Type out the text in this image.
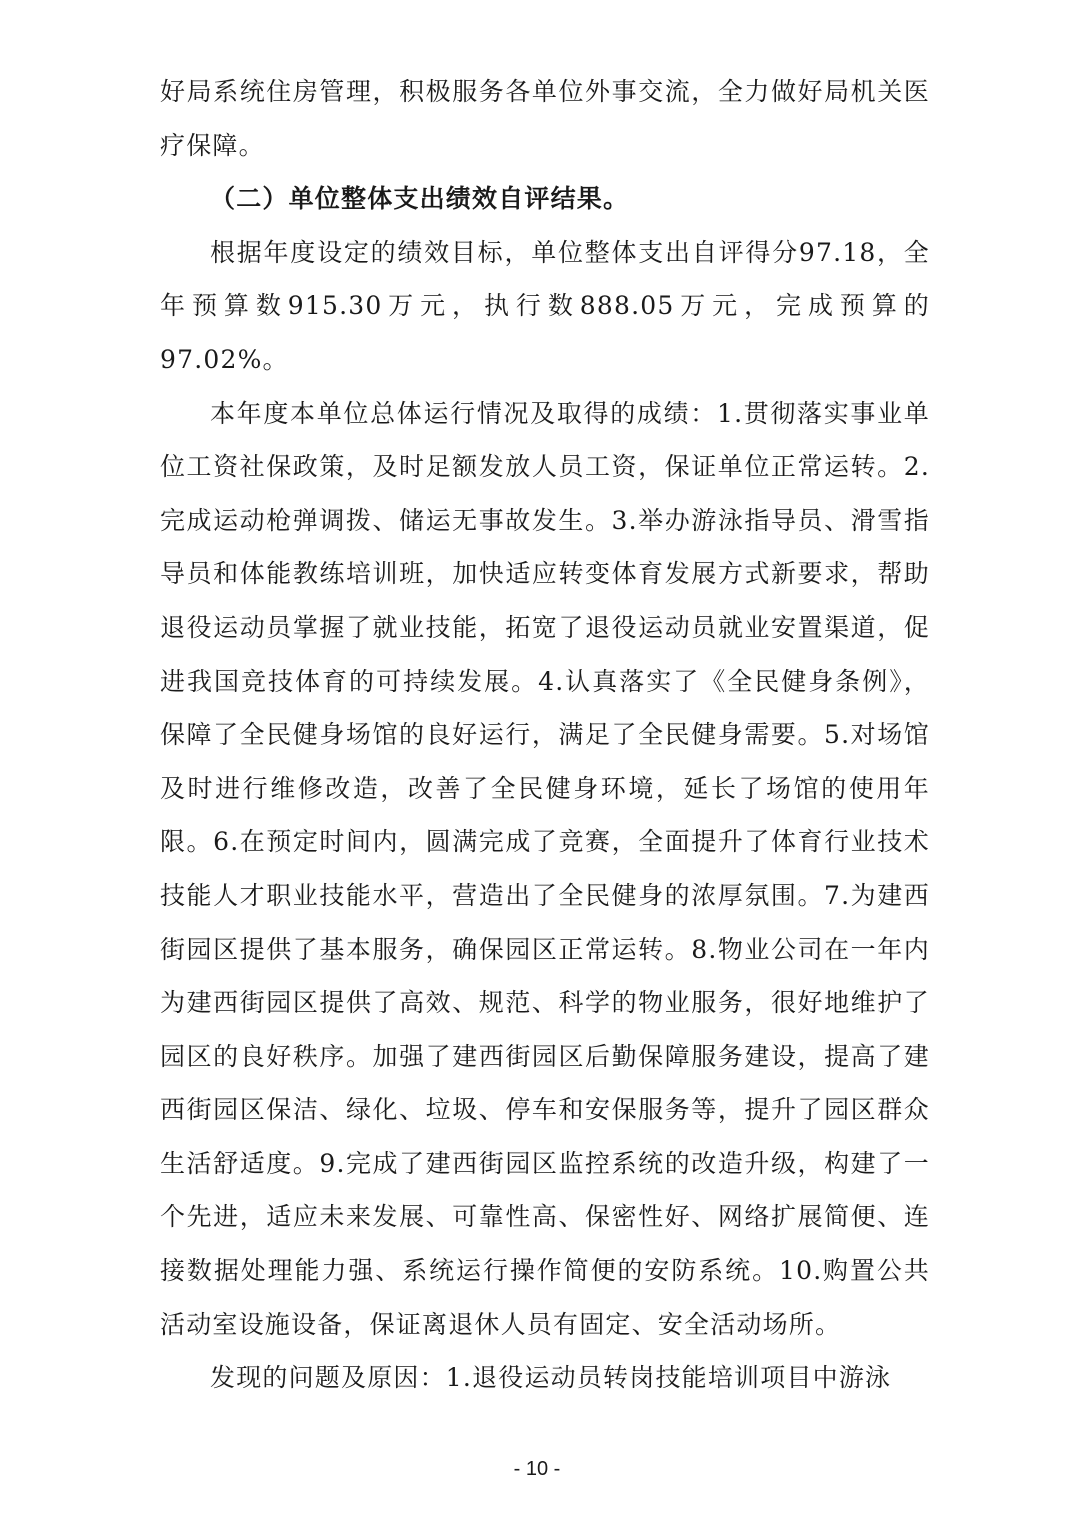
好局系统住房管理，积极服务各单位外事交流，全力做好局机关医疗保障。

（二）单位整体支出绩效自评结果。

根据年度设定的绩效目标，单位整体支出自评得分97.18，全年预算数915.30万元，执行数888.05万元，完成预算的97.02%。

本年度本单位总体运行情况及取得的成绩：1.贯彻落实事业单位工资社保政策，及时足额发放人员工资，保证单位正常运转。2.完成运动枪弹调拨、储运无事故发生。3.举办游泳指导员、滑雪指导员和体能教练培训班，加快适应转变体育发展方式新要求，帮助退役运动员掌握了就业技能，拓宽了退役运动员就业安置渠道，促进我国竞技体育的可持续发展。4.认真落实了《全民健身条例》，保障了全民健身场馆的良好运行，满足了全民健身需要。5.对场馆及时进行维修改造，改善了全民健身环境，延长了场馆的使用年限。6.在预定时间内，圆满完成了竞赛，全面提升了体育行业技术技能人才职业技能水平，营造出了全民健身的浓厚氛围。7.为建西街园区提供了基本服务，确保园区正常运转。8.物业公司在一年内为建西街园区提供了高效、规范、科学的物业服务，很好地维护了园区的良好秩序。加强了建西街园区后勤保障服务建设，提高了建西街园区保洁、绿化、垃圾、停车和安保服务等，提升了园区群众生活舒适度。9.完成了建西街园区监控系统的改造升级，构建了一个先进，适应未来发展、可靠性高、保密性好、网络扩展简便、连接数据处理能力强、系统运行操作简便的安防系统。10.购置公共活动室设施设备，保证离退休人员有固定、安全活动场所。

发现的问题及原因：1.退役运动员转岗技能培训项目中游泳

- 10 -
